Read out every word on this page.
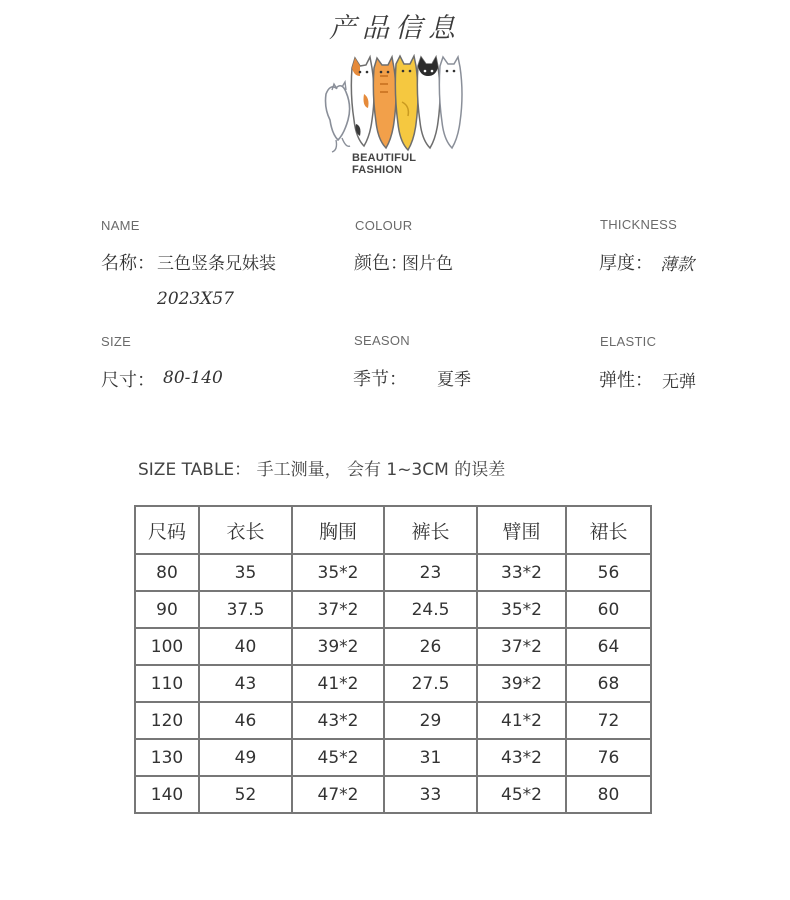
产品信息
BEAUTIFUL FASHION
NAME
名称： 三色竖条兄妹装
2023X57
COLOUR
颜色：
图片色
THICKNESS
厚度： 薄款
SIZE
尺寸： 80-140
SEASON
季节： 夏季
ELASTIC
弹性： 无弹
SIZE TABLE： 手工测量， 会有 1~3CM 的误差
尺码	衣长	胸围	裤长	臂围	裙长
80	35	35*2	23	33*2	56
90	37.5	37*2	24.5	35*2	60
100	40	39*2	26	37*2	64
110	43	41*2	27.5	39*2	68
120	46	43*2	29	41*2	72
130	49	45*2	31	43*2	76
140	52	47*2	33	45*2	80
